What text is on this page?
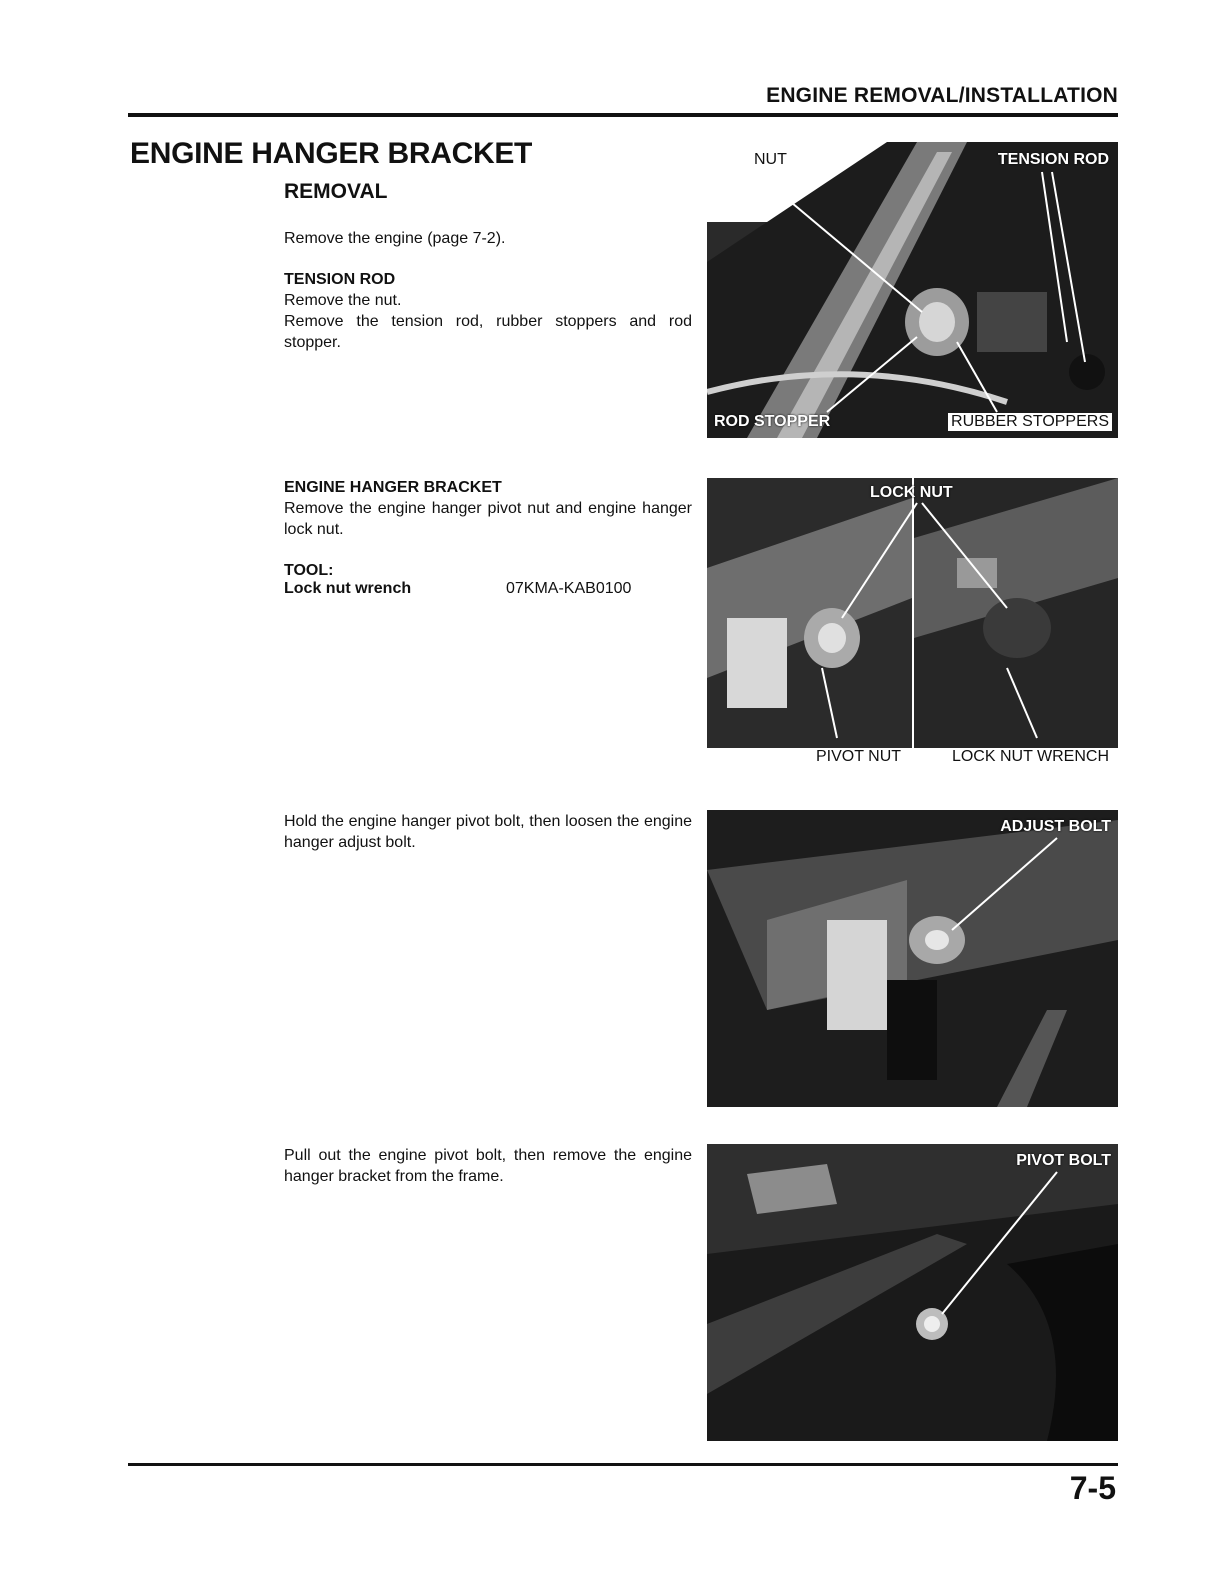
ENGINE REMOVAL/INSTALLATION
ENGINE HANGER BRACKET
REMOVAL
Remove the engine (page 7-2).
TENSION ROD
Remove the nut.
Remove the tension rod, rubber stoppers and rod stopper.
ENGINE HANGER BRACKET
Remove the engine hanger pivot nut and engine hanger lock nut.
TOOL:
Lock nut wrench	07KMA-KAB0100
Hold the engine hanger pivot bolt, then loosen the engine hanger adjust bolt.
Pull out the engine pivot bolt, then remove the engine hanger bracket from the frame.
NUT	TENSION ROD
ROD STOPPER	RUBBER STOPPERS
LOCK NUT
PIVOT NUT	LOCK NUT WRENCH
ADJUST BOLT
PIVOT BOLT
7-5
